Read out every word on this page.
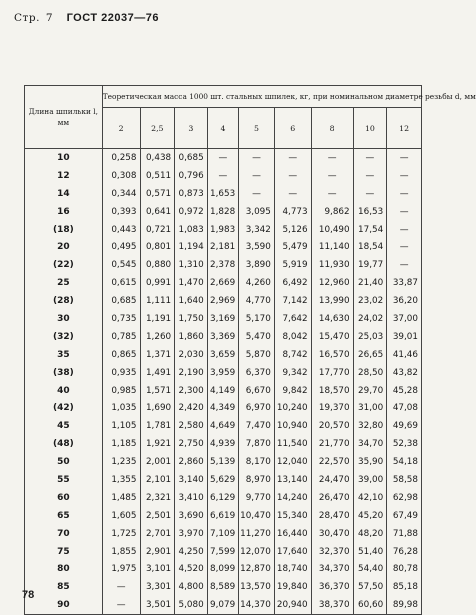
Стр. 7 ГОСТ 22037—76
Длина шпильки l, мм	Теоретическая масса 1000 шт. стальных шпилек, кг, при номинальном диаметре резьбы d, мм								
	2	2,5	3	4	5	6	8	10	12
10	0,258	0,438	0,685	—	—	—	—	—	—
12	0,308	0,511	0,796	—	—	—	—	—	—
14	0,344	0,571	0,873	1,653	—	—	—	—	—
16	0,393	0,641	0,972	1,828	3,095	4,773	9,862	16,53	—
(18)	0,443	0,721	1,083	1,983	3,342	5,126	10,490	17,54	—
20	0,495	0,801	1,194	2,181	3,590	5,479	11,140	18,54	—
(22)	0,545	0,880	1,310	2,378	3,890	5,919	11,930	19,77	—
25	0,615	0,991	1,470	2,669	4,260	6,492	12,960	21,40	33,87
(28)	0,685	1,111	1,640	2,969	4,770	7,142	13,990	23,02	36,20
30	0,735	1,191	1,750	3,169	5,170	7,642	14,630	24,02	37,00
(32)	0,785	1,260	1,860	3,369	5,470	8,042	15,470	25,03	39,01
35	0,865	1,371	2,030	3,659	5,870	8,742	16,570	26,65	41,46
(38)	0,935	1,491	2,190	3,959	6,370	9,342	17,770	28,50	43,82
40	0,985	1,571	2,300	4,149	6,670	9,842	18,570	29,70	45,28
(42)	1,035	1,690	2,420	4,349	6,970	10,240	19,370	31,00	47,08
45	1,105	1,781	2,580	4,649	7,470	10,940	20,570	32,80	49,69
(48)	1,185	1,921	2,750	4,939	7,870	11,540	21,770	34,70	52,38
50	1,235	2,001	2,860	5,139	8,170	12,040	22,570	35,90	54,18
55	1,355	2,101	3,140	5,629	8,970	13,140	24,470	39,00	58,58
60	1,485	2,321	3,410	6,129	9,770	14,240	26,470	42,10	62,98
65	1,605	2,501	3,690	6,619	10,470	15,340	28,470	45,20	67,49
70	1,725	2,701	3,970	7,109	11,270	16,440	30,470	48,20	71,88
75	1,855	2,901	4,250	7,599	12,070	17,640	32,370	51,40	76,28
80	1,975	3,101	4,520	8,099	12,870	18,740	34,370	54,40	80,78
85	—	3,301	4,800	8,589	13,570	19,840	36,370	57,50	85,18
90	—	3,501	5,080	9,079	14,370	20,940	38,370	60,60	89,98
78
